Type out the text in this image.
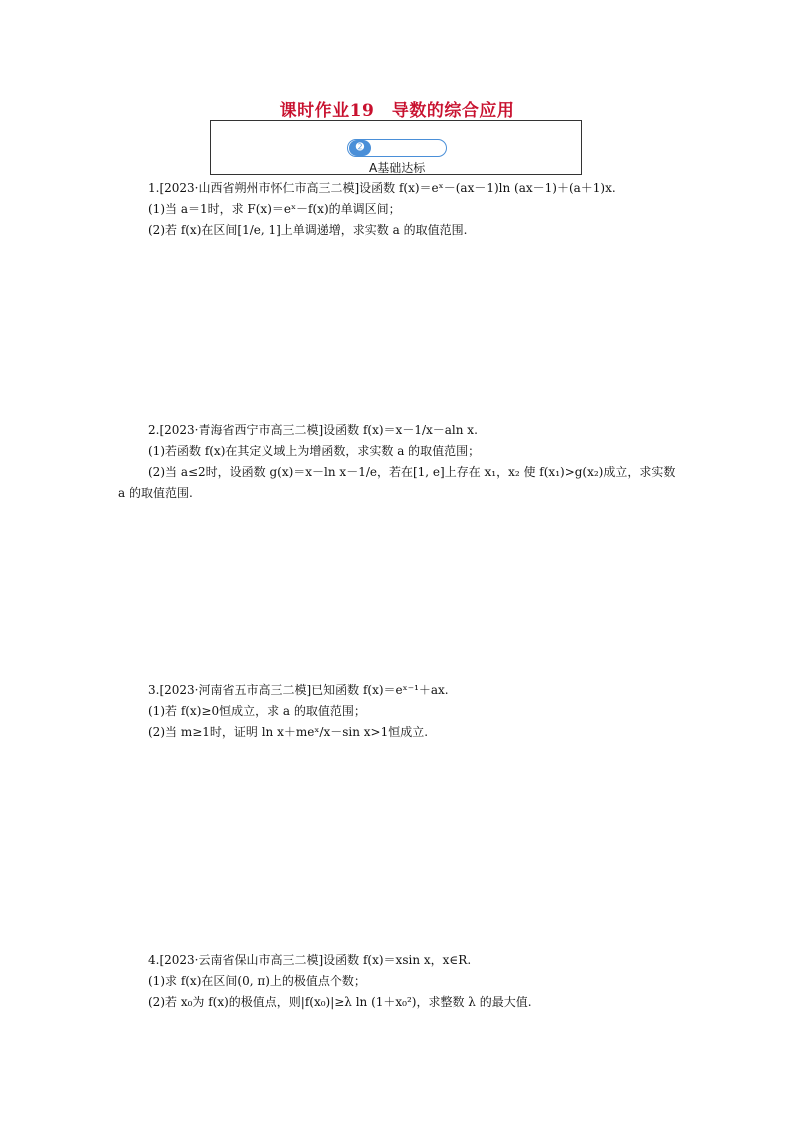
课时作业19　导数的综合应用
➋
A基础达标

1.[2023·山西省朔州市怀仁市高三二模]设函数 f(x)＝eˣ－(ax－1)ln (ax－1)＋(a＋1)x.

(1)当 a＝1时，求 F(x)＝eˣ－f(x)的单调区间；

(2)若 f(x)在区间[1/e, 1]上单调递增，求实数 a 的取值范围.

2.[2023·青海省西宁市高三二模]设函数 f(x)＝x－1/x－aln x.

(1)若函数 f(x)在其定义域上为增函数，求实数 a 的取值范围；

(2)当 a≤2时，设函数 g(x)＝x－ln x－1/e，若在[1, e]上存在 x₁，x₂ 使 f(x₁)>g(x₂)成立，求实数 a 的取值范围.

3.[2023·河南省五市高三二模]已知函数 f(x)＝eˣ⁻¹＋ax.

(1)若 f(x)≥0恒成立，求 a 的取值范围；

(2)当 m≥1时，证明 ln x＋meˣ/x－sin x>1恒成立.

4.[2023·云南省保山市高三二模]设函数 f(x)＝xsin x，x∈R.

(1)求 f(x)在区间(0, π)上的极值点个数；

(2)若 x₀为 f(x)的极值点，则|f(x₀)|≥λ ln (1＋x₀²)，求整数 λ 的最大值.
